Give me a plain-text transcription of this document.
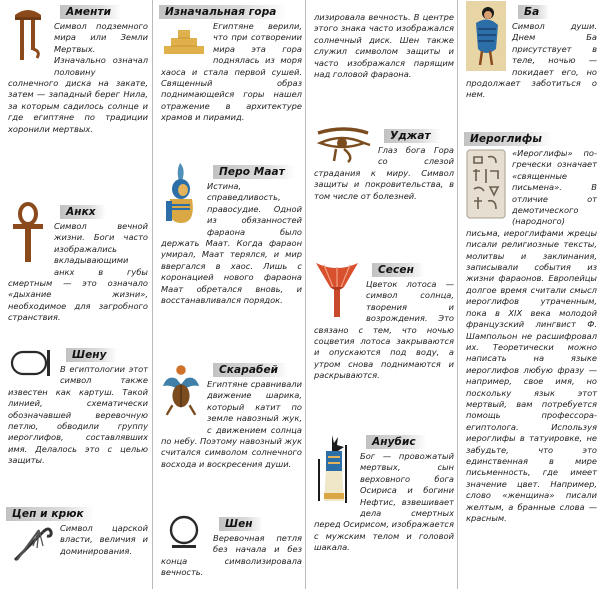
Аменти
Символ подземного мира или Земли Мертвых. Изначально означал половину солнечного диска на закате, затем — западный берег Нила, за которым садилось солнце и где египтяне по традиции хоронили мертвых.
Анкх
Символ вечной жизни. Боги часто изображались вкладывающими анкх в губы смертным — это означало «дыхание жизни», необходимое для загробного странствия.
Шену
В египтологии этот символ также известен как картуш. Такой линией, схематически обозначавшей веревочную петлю, обводили группу иероглифов, составлявших имя. Делалось это с целью защиты.
Цеп и крюк
Символ царской власти, величия и доминирования.
Изначальная гора
Египтяне верили, что при сотворении мира эта гора поднялась из моря хаоса и стала первой сушей. Священный образ поднимающейся горы нашел отражение в архитектуре храмов и пирамид.
Перо Маат
Истина, справедливость, правосудие. Одной из обязанностей фараона было держать Маат. Когда фараон умирал, Маат терялся, и мир ввергался в хаос. Лишь с коронацией нового фараона Маат обретался вновь, и восстанавливался порядок.
Скарабей
Египтяне сравнивали движение шарика, который катит по земле навозный жук, с движением солнца по небу. Поэтому навозный жук считался символом солнечного восхода и воскресения души.
Шен
Веревочная петля без начала и без конца символизировала вечность.
лизировала вечность. В центре этого знака часто изображался солнечный диск. Шен также служил символом защиты и часто изображался парящим над головой фараона.
Уджат
Глаз бога Гора со слезой страдания к миру. Символ защиты и покровительства, в том числе от болезней.
Сесен
Цветок лотоса — символ солнца, творения и возрождения. Это связано с тем, что ночью соцветия лотоса закрываются и опускаются под воду, а утром снова поднимаются и раскрываются.
Анубис
Бог — провожатый мертвых, сын верховного бога Осириса и богини Нефтис, взвешивает дела смертных перед Осирисом, изображается с мужским телом и головой шакала.
Ба
Символ души. Днем Ба присутствует в теле, ночью — покидает его, но продолжает заботиться о нем.
Иероглифы
«Иероглифы» по-гречески означает «священные письмена». В отличие от демотического (народного) письма, иероглифами жрецы писали религиозные тексты, молитвы и заклинания, записывали события из жизни фараонов. Европейцы долгое время считали смысл иероглифов утраченным, пока в XIX века молодой французский лингвист Ф. Шампольон не расшифровал их. Теоретически можно написать на языке иероглифов любую фразу — например, свое имя, но поскольку язык этот мертвый, вам потребуется помощь профессора-египтолога. Используя иероглифы в татуировке, не забудьте, что это единственная в мире письменность, где имеет значение цвет. Например, слово «женщина» писали желтым, а бранные слова — красным.
